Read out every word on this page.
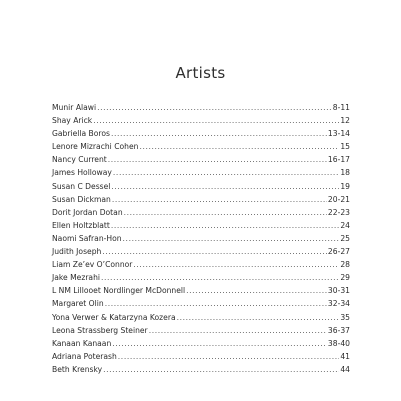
Artists
Munir Alawi .....	8-11
Shay Arick .....	12
Gabriella Boros .....	13-14
Lenore Mizrachi Cohen .....	15
Nancy Current .....	16-17
James Holloway .....	18
Susan C Dessel .....	19
Susan Dickman .....	20-21
Dorit Jordan Dotan .....	22-23
Ellen Holtzblatt .....	24
Naomi Safran-Hon .....	25
Judith Joseph .....	26-27
Liam Ze’ev O’Connor .....	28
Jake Mezrahi .....	29
L NM Lillooet Nordlinger McDonnell .....	30-31
Margaret Olin .....	32-34
Yona Verwer & Katarzyna Kozera .....	35
Leona Strassberg Steiner .....	36-37
Kanaan Kanaan .....	38-40
Adriana Poterash .....	41
Beth Krensky .....	44
